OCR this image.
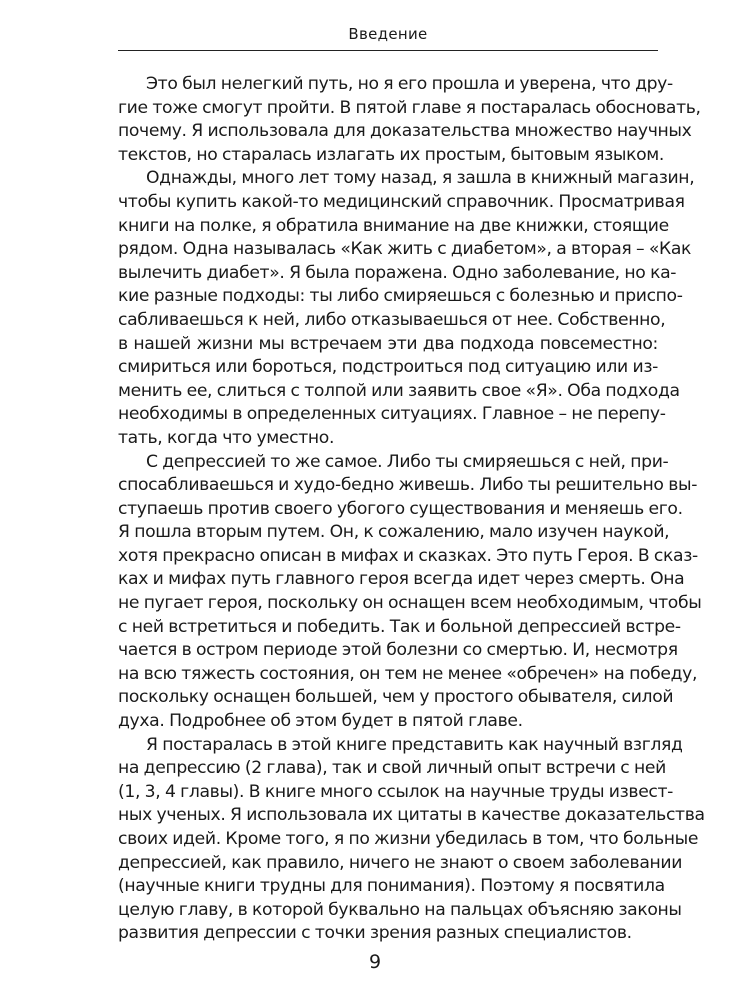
Введение

Это был нелегкий путь, но я его прошла и уверена, что дру-
гие тоже смогут пройти. В пятой главе я постаралась обосновать,
почему. Я использовала для доказательства множество научных
текстов, но старалась излагать их простым, бытовым языком.

Однажды, много лет тому назад, я зашла в книжный магазин,
чтобы купить какой-то медицинский справочник. Просматривая
книги на полке, я обратила внимание на две книжки, стоящие
рядом. Одна называлась «Как жить с диабетом», а вторая – «Как
вылечить диабет». Я была поражена. Одно заболевание, но ка-
кие разные подходы: ты либо смиряешься с болезнью и приспо-
сабливаешься к ней, либо отказываешься от нее. Собственно,
в нашей жизни мы встречаем эти два подхода повсеместно:
смириться или бороться, подстроиться под ситуацию или из-
менить ее, слиться с толпой или заявить свое «Я». Оба подхода
необходимы в определенных ситуациях. Главное – не перепу-
тать, когда что уместно.

С депрессией то же самое. Либо ты смиряешься с ней, при-
спосабливаешься и худо-бедно живешь. Либо ты решительно вы-
ступаешь против своего убогого существования и меняешь его.
Я пошла вторым путем. Он, к сожалению, мало изучен наукой,
хотя прекрасно описан в мифах и сказках. Это путь Героя. В сказ-
ках и мифах путь главного героя всегда идет через смерть. Она
не пугает героя, поскольку он оснащен всем необходимым, чтобы
с ней встретиться и победить. Так и больной депрессией встре-
чается в остром периоде этой болезни со смертью. И, несмотря
на всю тяжесть состояния, он тем не менее «обречен» на победу,
поскольку оснащен большей, чем у простого обывателя, силой
духа. Подробнее об этом будет в пятой главе.

Я постаралась в этой книге представить как научный взгляд
на депрессию (2 глава), так и свой личный опыт встречи с ней
(1, 3, 4 главы). В книге много ссылок на научные труды извест-
ных ученых. Я использовала их цитаты в качестве доказательства
своих идей. Кроме того, я по жизни убедилась в том, что больные
депрессией, как правило, ничего не знают о своем заболевании
(научные книги трудны для понимания). Поэтому я посвятила
целую главу, в которой буквально на пальцах объясняю законы
развития депрессии с точки зрения разных специалистов.

9
